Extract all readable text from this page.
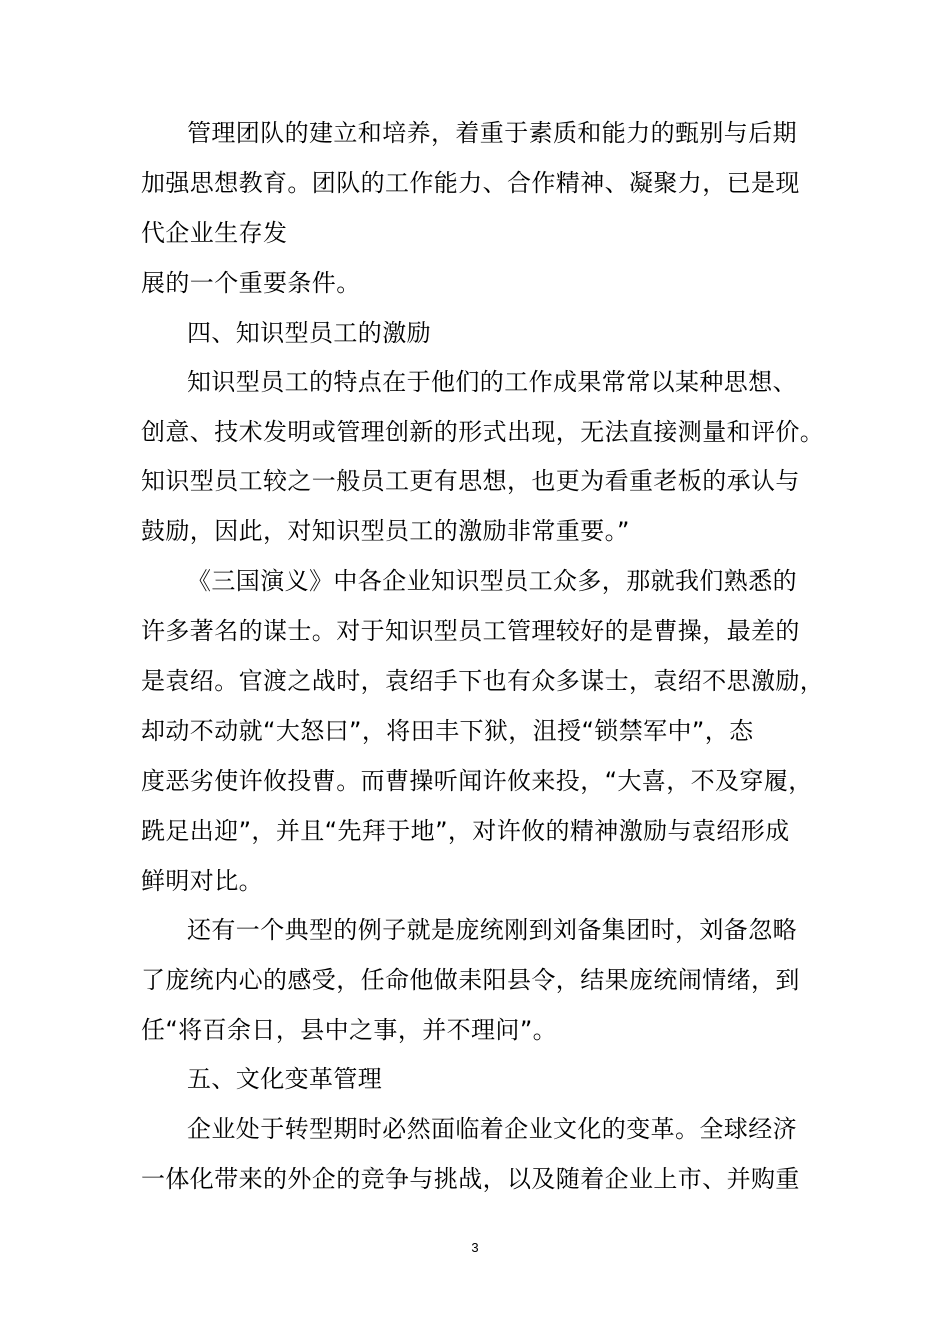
管理团队的建立和培养，着重于素质和能力的甄别与后期
加强思想教育。团队的工作能力、合作精神、凝聚力，已是现
代企业生存发
展的一个重要条件。
四、知识型员工的激励
知识型员工的特点在于他们的工作成果常常以某种思想、
创意、技术发明或管理创新的形式出现，无法直接测量和评价。
知识型员工较之一般员工更有思想，也更为看重老板的承认与
鼓励，因此，对知识型员工的激励非常重要。”
《三国演义》中各企业知识型员工众多，那就我们熟悉的
许多著名的谋士。对于知识型员工管理较好的是曹操，最差的
是袁绍。官渡之战时，袁绍手下也有众多谋士，袁绍不思激励，
却动不动就“大怒曰”，将田丰下狱，沮授“锁禁军中”，态
度恶劣使许攸投曹。而曹操听闻许攸来投，“大喜，不及穿履，
跣足出迎”，并且“先拜于地”，对许攸的精神激励与袁绍形成
鲜明对比。
还有一个典型的例子就是庞统刚到刘备集团时，刘备忽略
了庞统内心的感受，任命他做耒阳县令，结果庞统闹情绪，到
任“将百余日，县中之事，并不理问”。
五、文化变革管理
企业处于转型期时必然面临着企业文化的变革。全球经济
一体化带来的外企的竞争与挑战，以及随着企业上市、并购重
3
